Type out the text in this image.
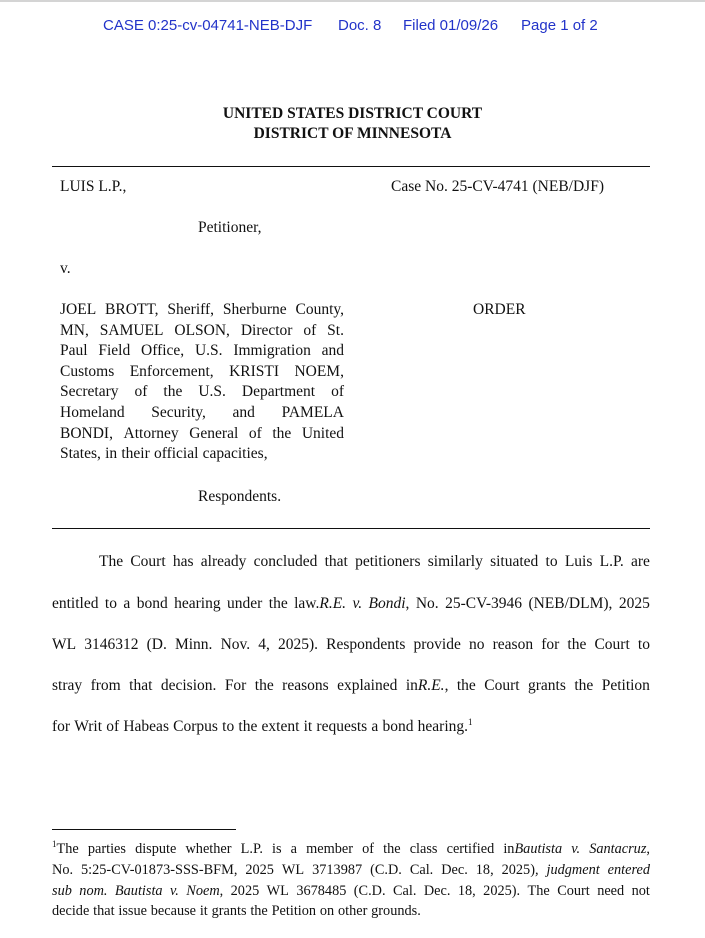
CASE 0:25-cv-04741-NEB-DJF Doc. 8 Filed 01/09/26 Page 1 of 2
UNITED STATES DISTRICT COURT
DISTRICT OF MINNESOTA
LUIS L.P.,	Case No. 25-CV-4741 (NEB/DJF)
Petitioner,
v.
ORDER
JOEL BROTT, Sheriff, Sherburne County,
MN, SAMUEL OLSON, Director of St.
Paul Field Office, U.S. Immigration and
Customs Enforcement, KRISTI NOEM,
Secretary of the U.S. Department of
Homeland Security, and PAMELA
BONDI, Attorney General of the United
States, in their official capacities,
Respondents.
The Court has already concluded that petitioners similarly situated to Luis L.P. are
entitled to a bond hearing under the law.R.E. v. Bondi, No. 25-CV-3946 (NEB/DLM), 2025
WL 3146312 (D. Minn. Nov. 4, 2025). Respondents provide no reason for the Court to
stray from that decision. For the reasons explained inR.E., the Court grants the Petition
for Writ of Habeas Corpus to the extent it requests a bond hearing.$^1$
$^1$The parties dispute whether L.P. is a member of the class certified inBautista v. Santacruz,
No. 5:25-CV-01873-SSS-BFM, 2025 WL 3713987 (C.D. Cal. Dec. 18, 2025), judgment entered
sub nom. Bautista v. Noem, 2025 WL 3678485 (C.D. Cal. Dec. 18, 2025). The Court need not
decide that issue because it grants the Petition on other grounds.
